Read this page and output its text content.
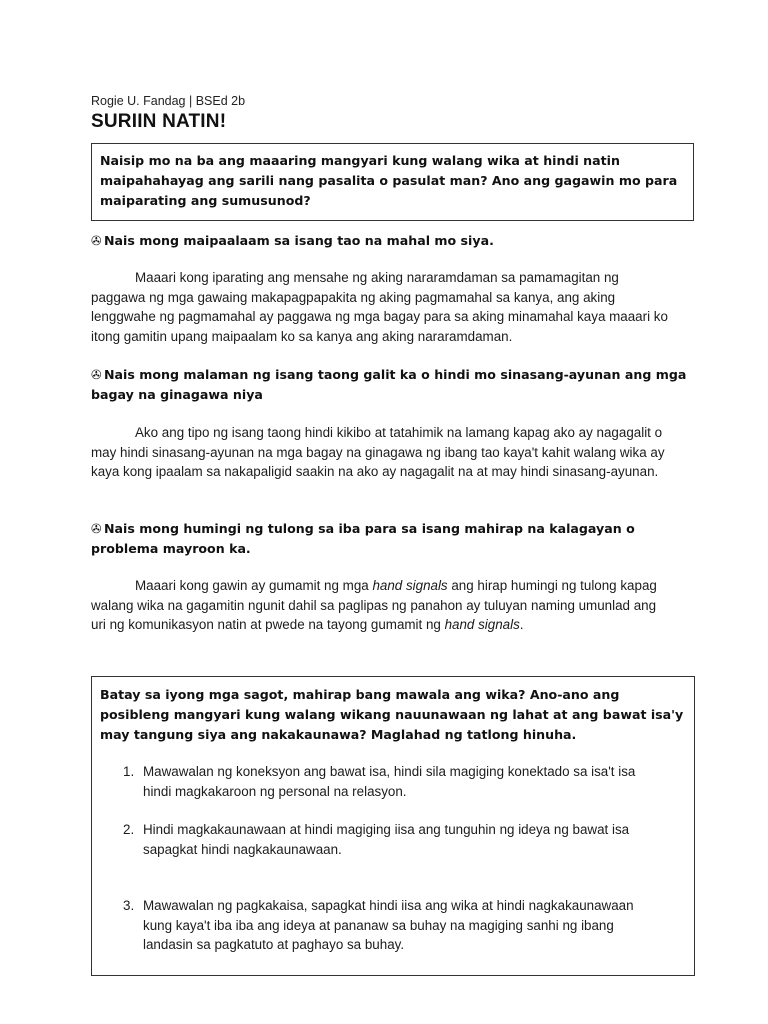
Rogie U. Fandag | BSEd 2b
SURIIN NATIN!
Naisip mo na ba ang maaaring mangyari kung walang wika at hindi natin maipahahayag ang sarili nang pasalita o pasulat man? Ano ang gagawin mo para maiparating ang sumusunod?
✇ Nais mong maipaalaam sa isang tao na mahal mo siya.
Maaari kong iparating ang mensahe ng aking nararamdaman sa pamamagitan ng paggawa ng mga gawaing makapagpapakita ng aking pagmamahal sa kanya, ang aking lenggwahe ng pagmamahal ay paggawa ng mga bagay para sa aking minamahal kaya maaari ko itong gamitin upang maipaalam ko sa kanya ang aking nararamdaman.
✇ Nais mong malaman ng isang taong galit ka o hindi mo sinasang-ayunan ang mga bagay na ginagawa niya
Ako ang tipo ng isang taong hindi kikibo at tatahimik na lamang kapag ako ay nagagalit o may hindi sinasang-ayunan na mga bagay na ginagawa ng ibang tao kaya't kahit walang wika ay kaya kong ipaalam sa nakapaligid saakin na ako ay nagagalit na at may hindi sinasang-ayunan.
✇ Nais mong humingi ng tulong sa iba para sa isang mahirap na kalagayan o problema mayroon ka.
Maaari kong gawin ay gumamit ng mga hand signals ang hirap humingi ng tulong kapag walang wika na gagamitin ngunit dahil sa paglipas ng panahon ay tuluyan naming umunlad ang uri ng komunikasyon natin at pwede na tayong gumamit ng hand signals.
Batay sa iyong mga sagot, mahirap bang mawala ang wika? Ano-ano ang posibleng mangyari kung walang wikang nauunawaan ng lahat at ang bawat isa'y may tangung siya ang nakakaunawa? Maglahad ng tatlong hinuha.
1. Mawawalan ng koneksyon ang bawat isa, hindi sila magiging konektado sa isa't isa hindi magkakaroon ng personal na relasyon.
2. Hindi magkakaunawaan at hindi magiging iisa ang tunguhin ng ideya ng bawat isa sapagkat hindi nagkakaunawaan.
3. Mawawalan ng pagkakaisa, sapagkat hindi iisa ang wika at hindi nagkakaunawaan kung kaya't iba iba ang ideya at pananaw sa buhay na magiging sanhi ng ibang landasin sa pagkatuto at paghayo sa buhay.
